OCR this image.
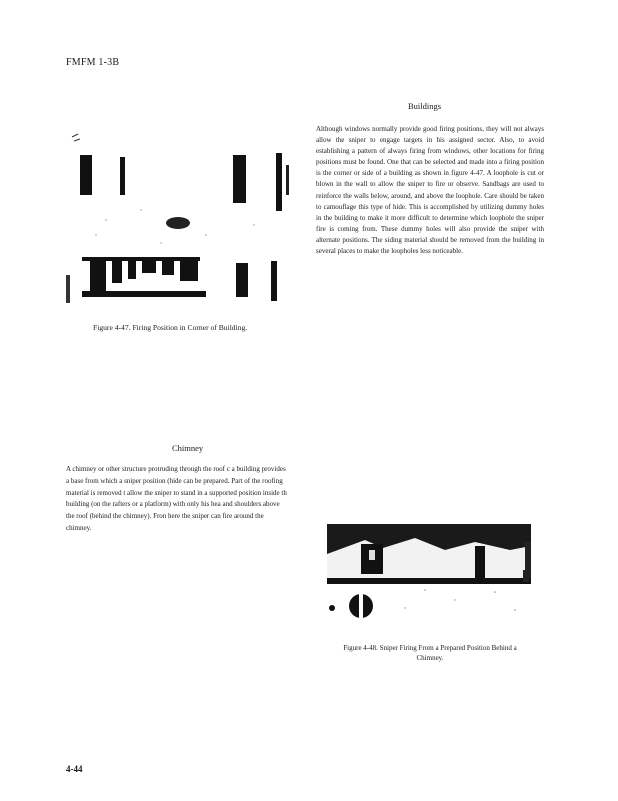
FMFM 1-3B
Figure 4-47. Firing Position in Corner of Building.
Buildings
Although windows normally provide good firing positions, they will not always allow the sniper to engage targets in his assigned sector. Also, to avoid establishing a pattern of always firing from windows, other locations for firing positions must be found. One that can be selected and made into a firing position is the corner or side of a building as shown in figure 4-47. A loophole is cut or blown in the wall to allow the sniper to fire or observe. Sandbags are used to reinforce the walls below, around, and above the loophole. Care should be taken to camouflage this type of hide. This is accomplished by utilizing dummy holes in the building to make it more difficult to determine which loophole the sniper fire is coming from. These dummy holes will also provide the sniper with alternate positions. The siding material should be removed from the building in several places to make the loopholes less noticeable.
Chimney
A chimney or other structure protruding through the roof c a building provides a base from which a sniper position (hide can be prepared. Part of the roofing material is removed t allow the sniper to stand in a supported position inside th building (on the rafters or a platform) with only his hea and shoulders above the roof (behind the chimney). Fron here the sniper can fire around the chimney.
Figure 4-48. Sniper Firing From a Prepared Position Behind a Chimney.
4-44
